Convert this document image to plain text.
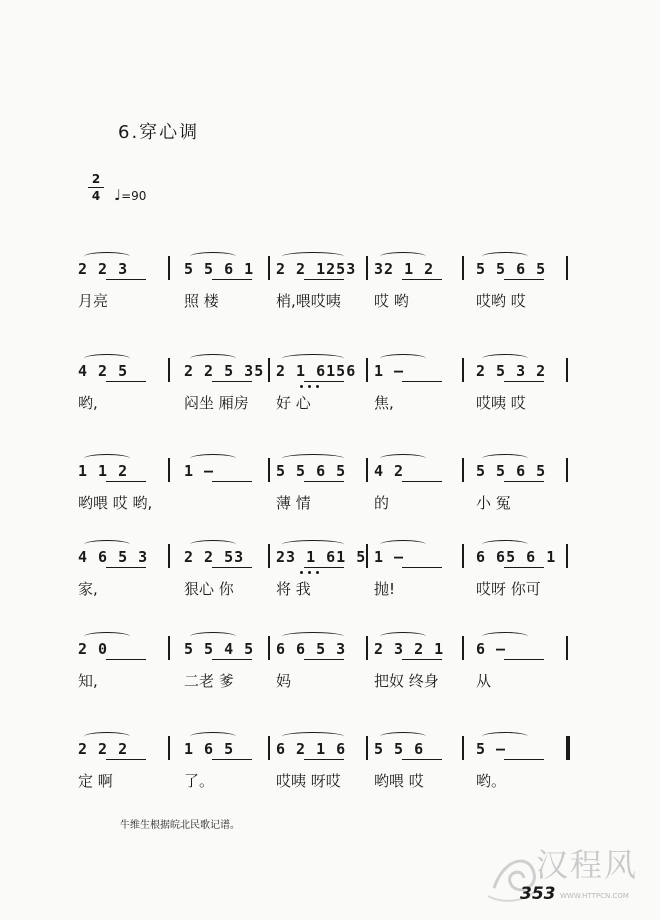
6.穿心调
2
4 ♩=90
2 2 3
月亮
5 5 6 1
照 楼
2 2 1253
梢,喂哎咦
32 1 2
哎 哟
5 5 6 5
哎哟 哎
4 2 5
哟,
2 2 5 35
闷坐 厢房
2 1 6156
好 心
1 —
焦,
2 5 3 2
哎咦 哎
1 1 2
哟喂 哎 哟,
1 —	5 5 6 5
薄 情
4 2
的
5 5 6 5
小 冤
4 6 5 3
家,
2 2 53
狠心 你
23 1 61 5
将 我
1 —
抛!
6 65 6 1
哎呀 你可
2 0
知,
5 5 4 5
二老 爹
6 6 5 3
妈
2 3 2 1
把奴 终身
6 —
从
2 2 2
定 啊
1 6 5
了。
6 2 1 6
哎咦 呀哎
5 5 6
哟喂 哎
5 —
哟。
牛维生根据皖北民歌记谱。
汉程风
WWW.HTTPCN.COM
353
